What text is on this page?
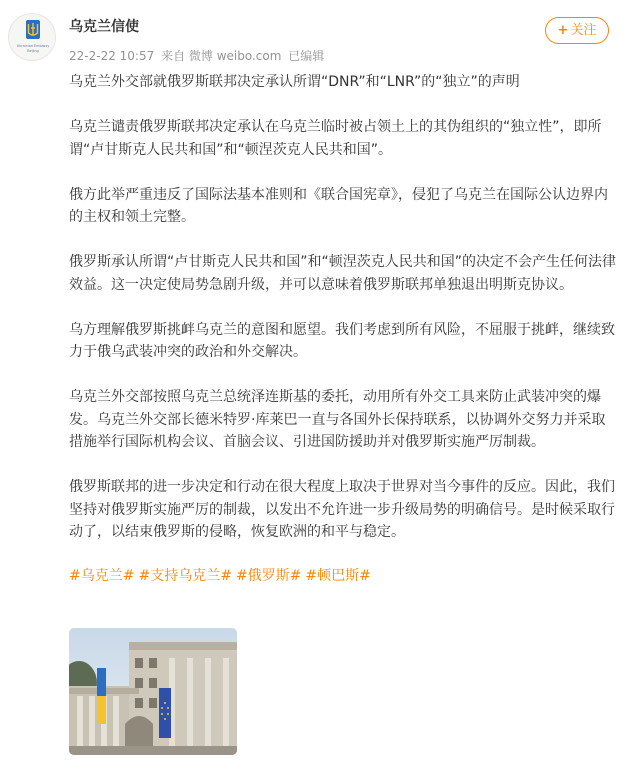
Ukrainian Embassy
Beijing
乌克兰信使
22-2-22 10:57 来自 微博 weibo.com 已编辑
+ 关注

乌克兰外交部就俄罗斯联邦决定承认所谓“DNR”和“LNR”的“独立”的声明

乌克兰谴责俄罗斯联邦决定承认在乌克兰临时被占领土上的其伪组织的“独立性”，即所谓“卢甘斯克人民共和国”和“顿涅茨克人民共和国”。

俄方此举严重违反了国际法基本准则和《联合国宪章》，侵犯了乌克兰在国际公认边界内的主权和领土完整。

俄罗斯承认所谓“卢甘斯克人民共和国”和“顿涅茨克人民共和国”的决定不会产生任何法律效益。这一决定使局势急剧升级，并可以意味着俄罗斯联邦单独退出明斯克协议。

乌方理解俄罗斯挑衅乌克兰的意图和愿望。我们考虑到所有风险，不屈服于挑衅，继续致力于俄乌武装冲突的政治和外交解决。

乌克兰外交部按照乌克兰总统泽连斯基的委托，动用所有外交工具来防止武装冲突的爆发。乌克兰外交部长德米特罗·库莱巴一直与各国外长保持联系，以协调外交努力并采取措施举行国际机构会议、首脑会议、引进国防援助并对俄罗斯实施严厉制裁。

俄罗斯联邦的进一步决定和行动在很大程度上取决于世界对当今事件的反应。因此，我们坚持对俄罗斯实施严厉的制裁，以发出不允许进一步升级局势的明确信号。是时候采取行动了，以结束俄罗斯的侵略，恢复欧洲的和平与稳定。

#乌克兰# #支持乌克兰# #俄罗斯# #顿巴斯#
